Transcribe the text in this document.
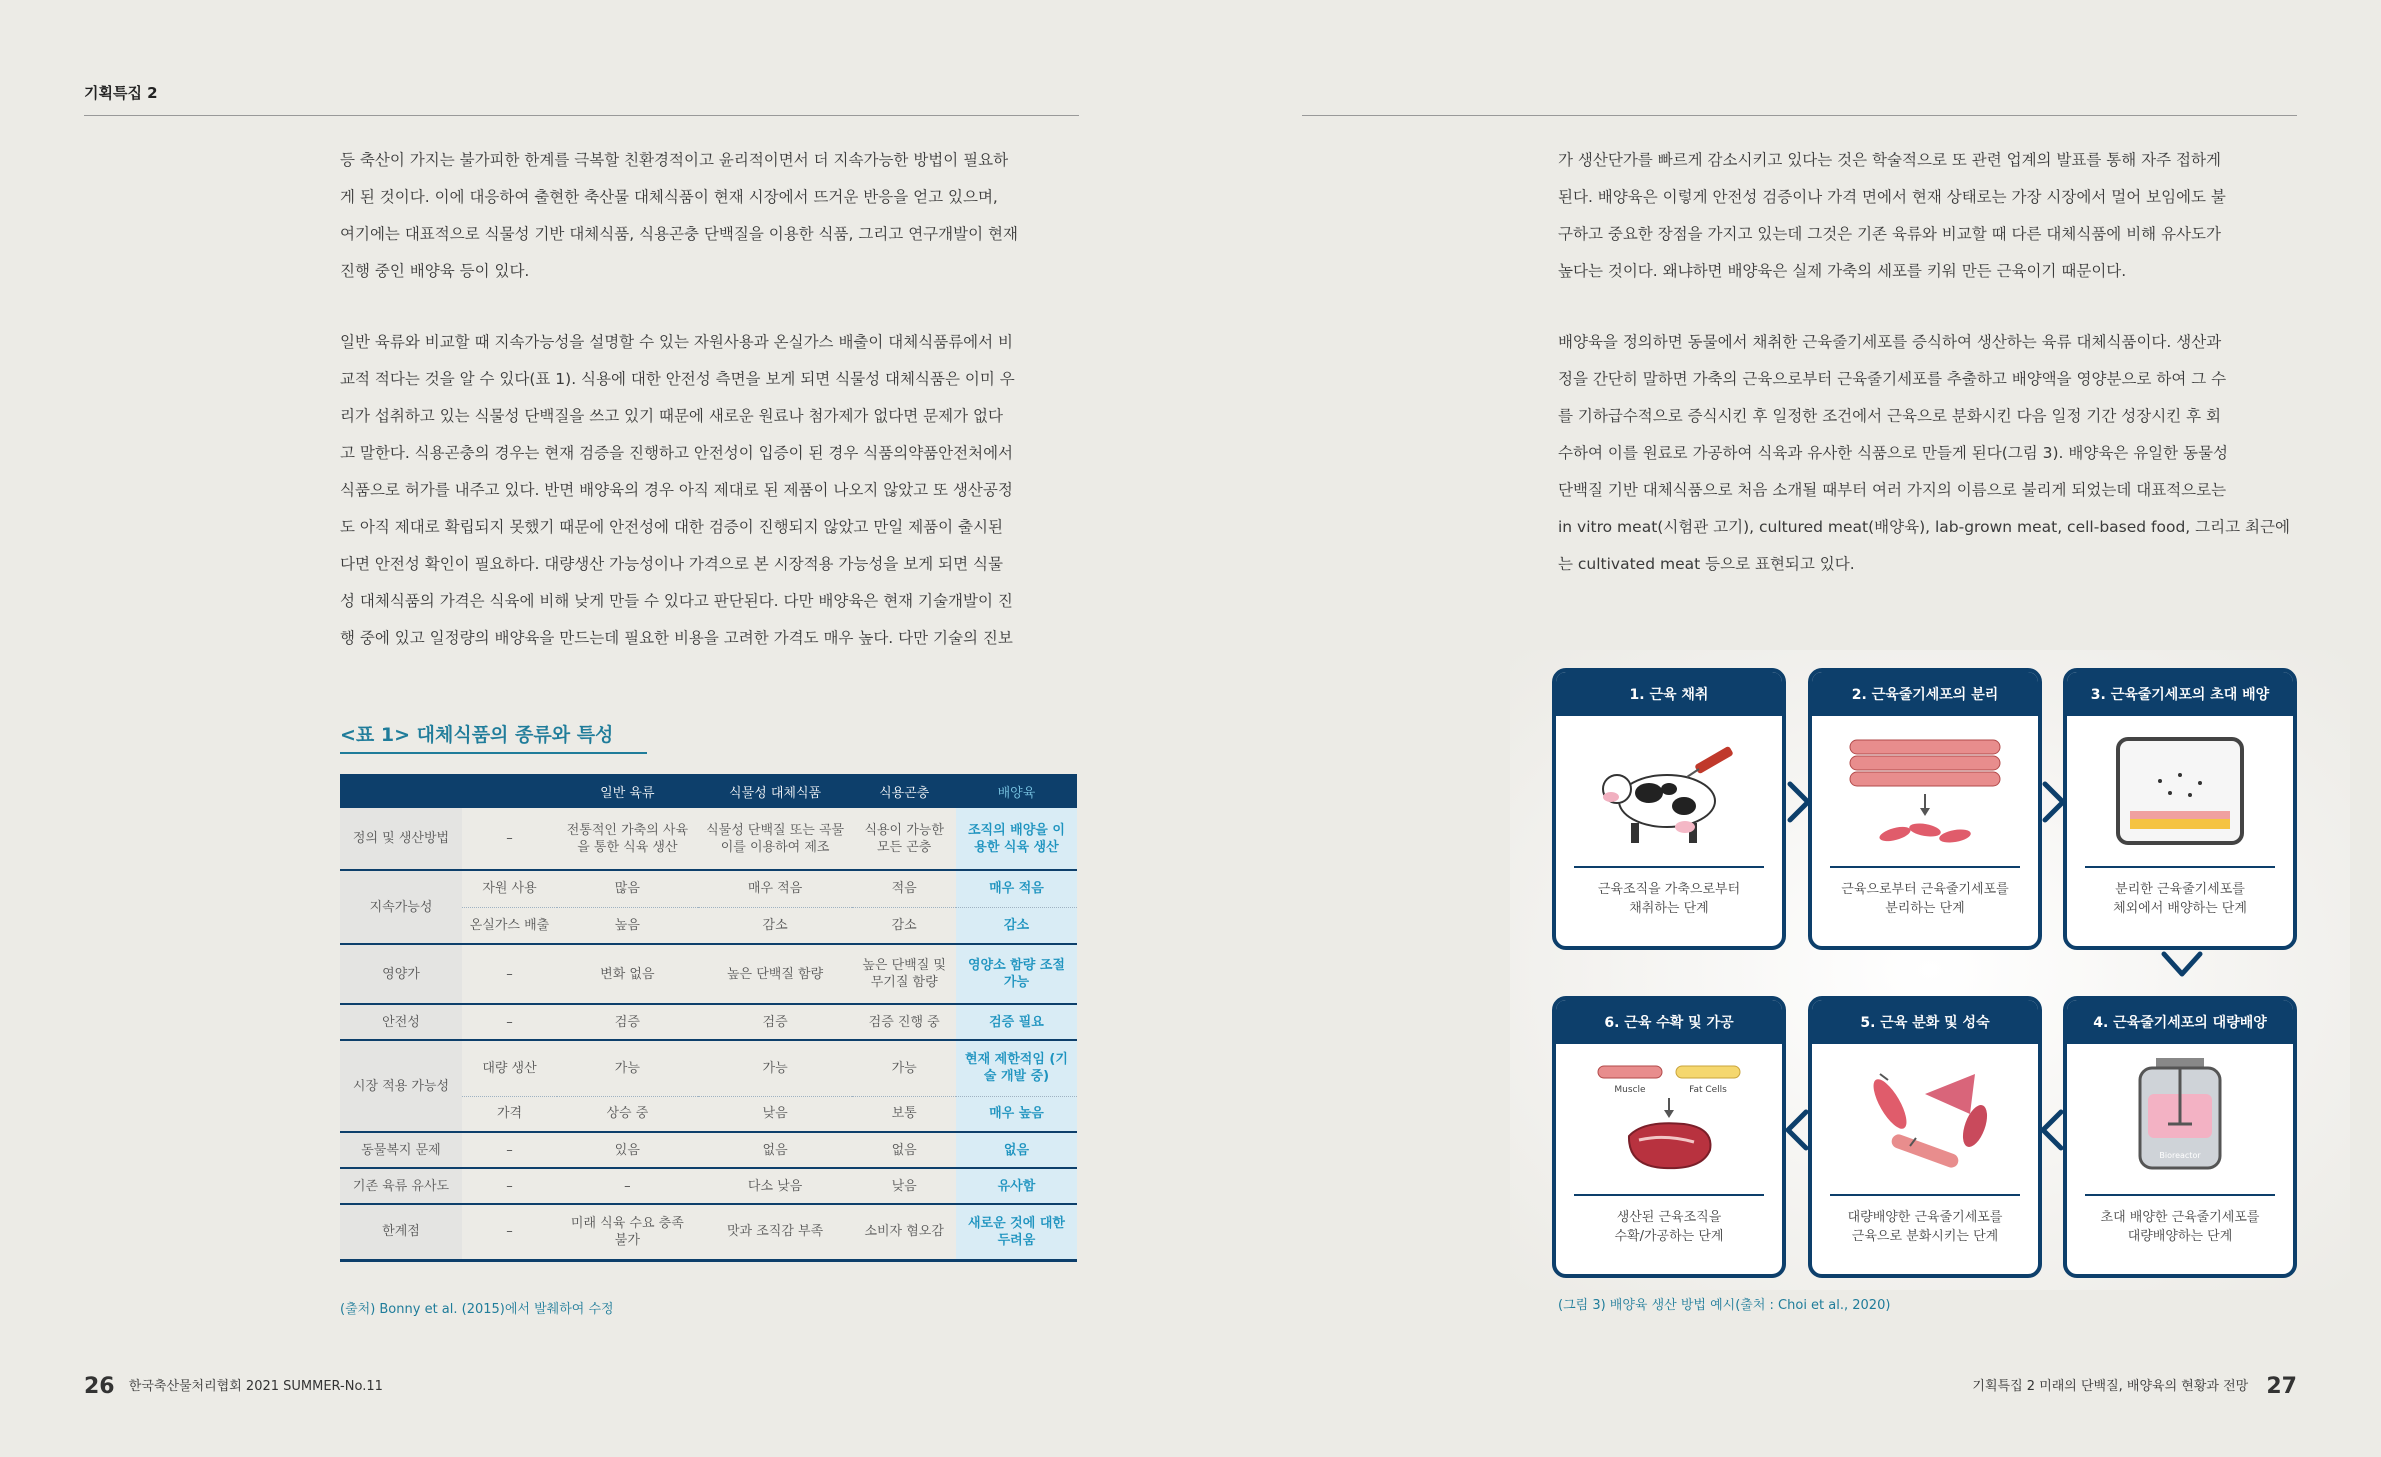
기획특집 2

등 축산이 가지는 불가피한 한계를 극복할 친환경적이고 윤리적이면서 더 지속가능한 방법이 필요하

게 된 것이다. 이에 대응하여 출현한 축산물 대체식품이 현재 시장에서 뜨거운 반응을 얻고 있으며,

여기에는 대표적으로 식물성 기반 대체식품, 식용곤충 단백질을 이용한 식품, 그리고 연구개발이 현재

진행 중인 배양육 등이 있다.

일반 육류와 비교할 때 지속가능성을 설명할 수 있는 자원사용과 온실가스 배출이 대체식품류에서 비

교적 적다는 것을 알 수 있다(표 1). 식용에 대한 안전성 측면을 보게 되면 식물성 대체식품은 이미 우

리가 섭취하고 있는 식물성 단백질을 쓰고 있기 때문에 새로운 원료나 첨가제가 없다면 문제가 없다

고 말한다. 식용곤충의 경우는 현재 검증을 진행하고 안전성이 입증이 된 경우 식품의약품안전처에서

식품으로 허가를 내주고 있다. 반면 배양육의 경우 아직 제대로 된 제품이 나오지 않았고 또 생산공정

도 아직 제대로 확립되지 못했기 때문에 안전성에 대한 검증이 진행되지 않았고 만일 제품이 출시된

다면 안전성 확인이 필요하다. 대량생산 가능성이나 가격으로 본 시장적용 가능성을 보게 되면 식물

성 대체식품의 가격은 식육에 비해 낮게 만들 수 있다고 판단된다. 다만 배양육은 현재 기술개발이 진

행 중에 있고 일정량의 배양육을 만드는데 필요한 비용을 고려한 가격도 매우 높다. 다만 기술의 진보

<표 1> 대체식품의 종류와 특성
		일반 육류	식물성 대체식품	식용곤충	배양육
정의 및 생산방법	–	전통적인 가축의 사육을 통한 식육 생산	식물성 단백질 또는 곡물이를 이용하여 제조	식용이 가능한 모든 곤충	조직의 배양을 이용한 식육 생산
지속가능성	자원 사용	많음	매우 적음	적음	매우 적음
	온실가스 배출	높음	감소	감소	감소
영양가	–	변화 없음	높은 단백질 함량	높은 단백질 및 무기질 함량	영양소 함량 조절 가능
안전성	–	검증	검증	검증 진행 중	검증 필요
시장 적용 가능성	대량 생산	가능	가능	가능	현재 제한적임 (기술 개발 중)
	가격	상승 중	낮음	보통	매우 높음
동물복지 문제	–	있음	없음	없음	없음
기존 육류 유사도	–	–	다소 낮음	낮음	유사함
한계점	–	미래 식육 수요 충족 불가	맛과 조직감 부족	소비자 혐오감	새로운 것에 대한 두려움
(출처) Bonny et al. (2015)에서 발췌하여 수정

가 생산단가를 빠르게 감소시키고 있다는 것은 학술적으로 또 관련 업계의 발표를 통해 자주 접하게

된다. 배양육은 이렇게 안전성 검증이나 가격 면에서 현재 상태로는 가장 시장에서 멀어 보임에도 불

구하고 중요한 장점을 가지고 있는데 그것은 기존 육류와 비교할 때 다른 대체식품에 비해 유사도가

높다는 것이다. 왜냐하면 배양육은 실제 가축의 세포를 키워 만든 근육이기 때문이다.

배양육을 정의하면 동물에서 채취한 근육줄기세포를 증식하여 생산하는 육류 대체식품이다. 생산과

정을 간단히 말하면 가축의 근육으로부터 근육줄기세포를 추출하고 배양액을 영양분으로 하여 그 수

를 기하급수적으로 증식시킨 후 일정한 조건에서 근육으로 분화시킨 다음 일정 기간 성장시킨 후 회

수하여 이를 원료로 가공하여 식육과 유사한 식품으로 만들게 된다(그림 3). 배양육은 유일한 동물성

단백질 기반 대체식품으로 처음 소개될 때부터 여러 가지의 이름으로 불리게 되었는데 대표적으로는

in vitro meat(시험관 고기), cultured meat(배양육), lab-grown meat, cell-based food, 그리고 최근에

는 cultivated meat 등으로 표현되고 있다.

1. 근육 채취
근육조직을 가축으로부터
채취하는 단계
2. 근육줄기세포의 분리
근육으로부터 근육줄기세포를
분리하는 단계
3. 근육줄기세포의 초대 배양
분리한 근육줄기세포를
체외에서 배양하는 단계
4. 근육줄기세포의 대량배양
Bioreactor
초대 배양한 근육줄기세포를
대량배양하는 단계
5. 근육 분화 및 성숙
대량배양한 근육줄기세포를
근육으로 분화시키는 단계
6. 근육 수확 및 가공
Muscle	Fat Cells
생산된 근육조직을
수확/가공하는 단계
(그림 3) 배양육 생산 방법 예시(출처 : Choi et al., 2020)
26 한국축산물처리협회 2021 SUMMER-No.11	기획특집 2 미래의 단백질, 배양육의 현황과 전망 27
